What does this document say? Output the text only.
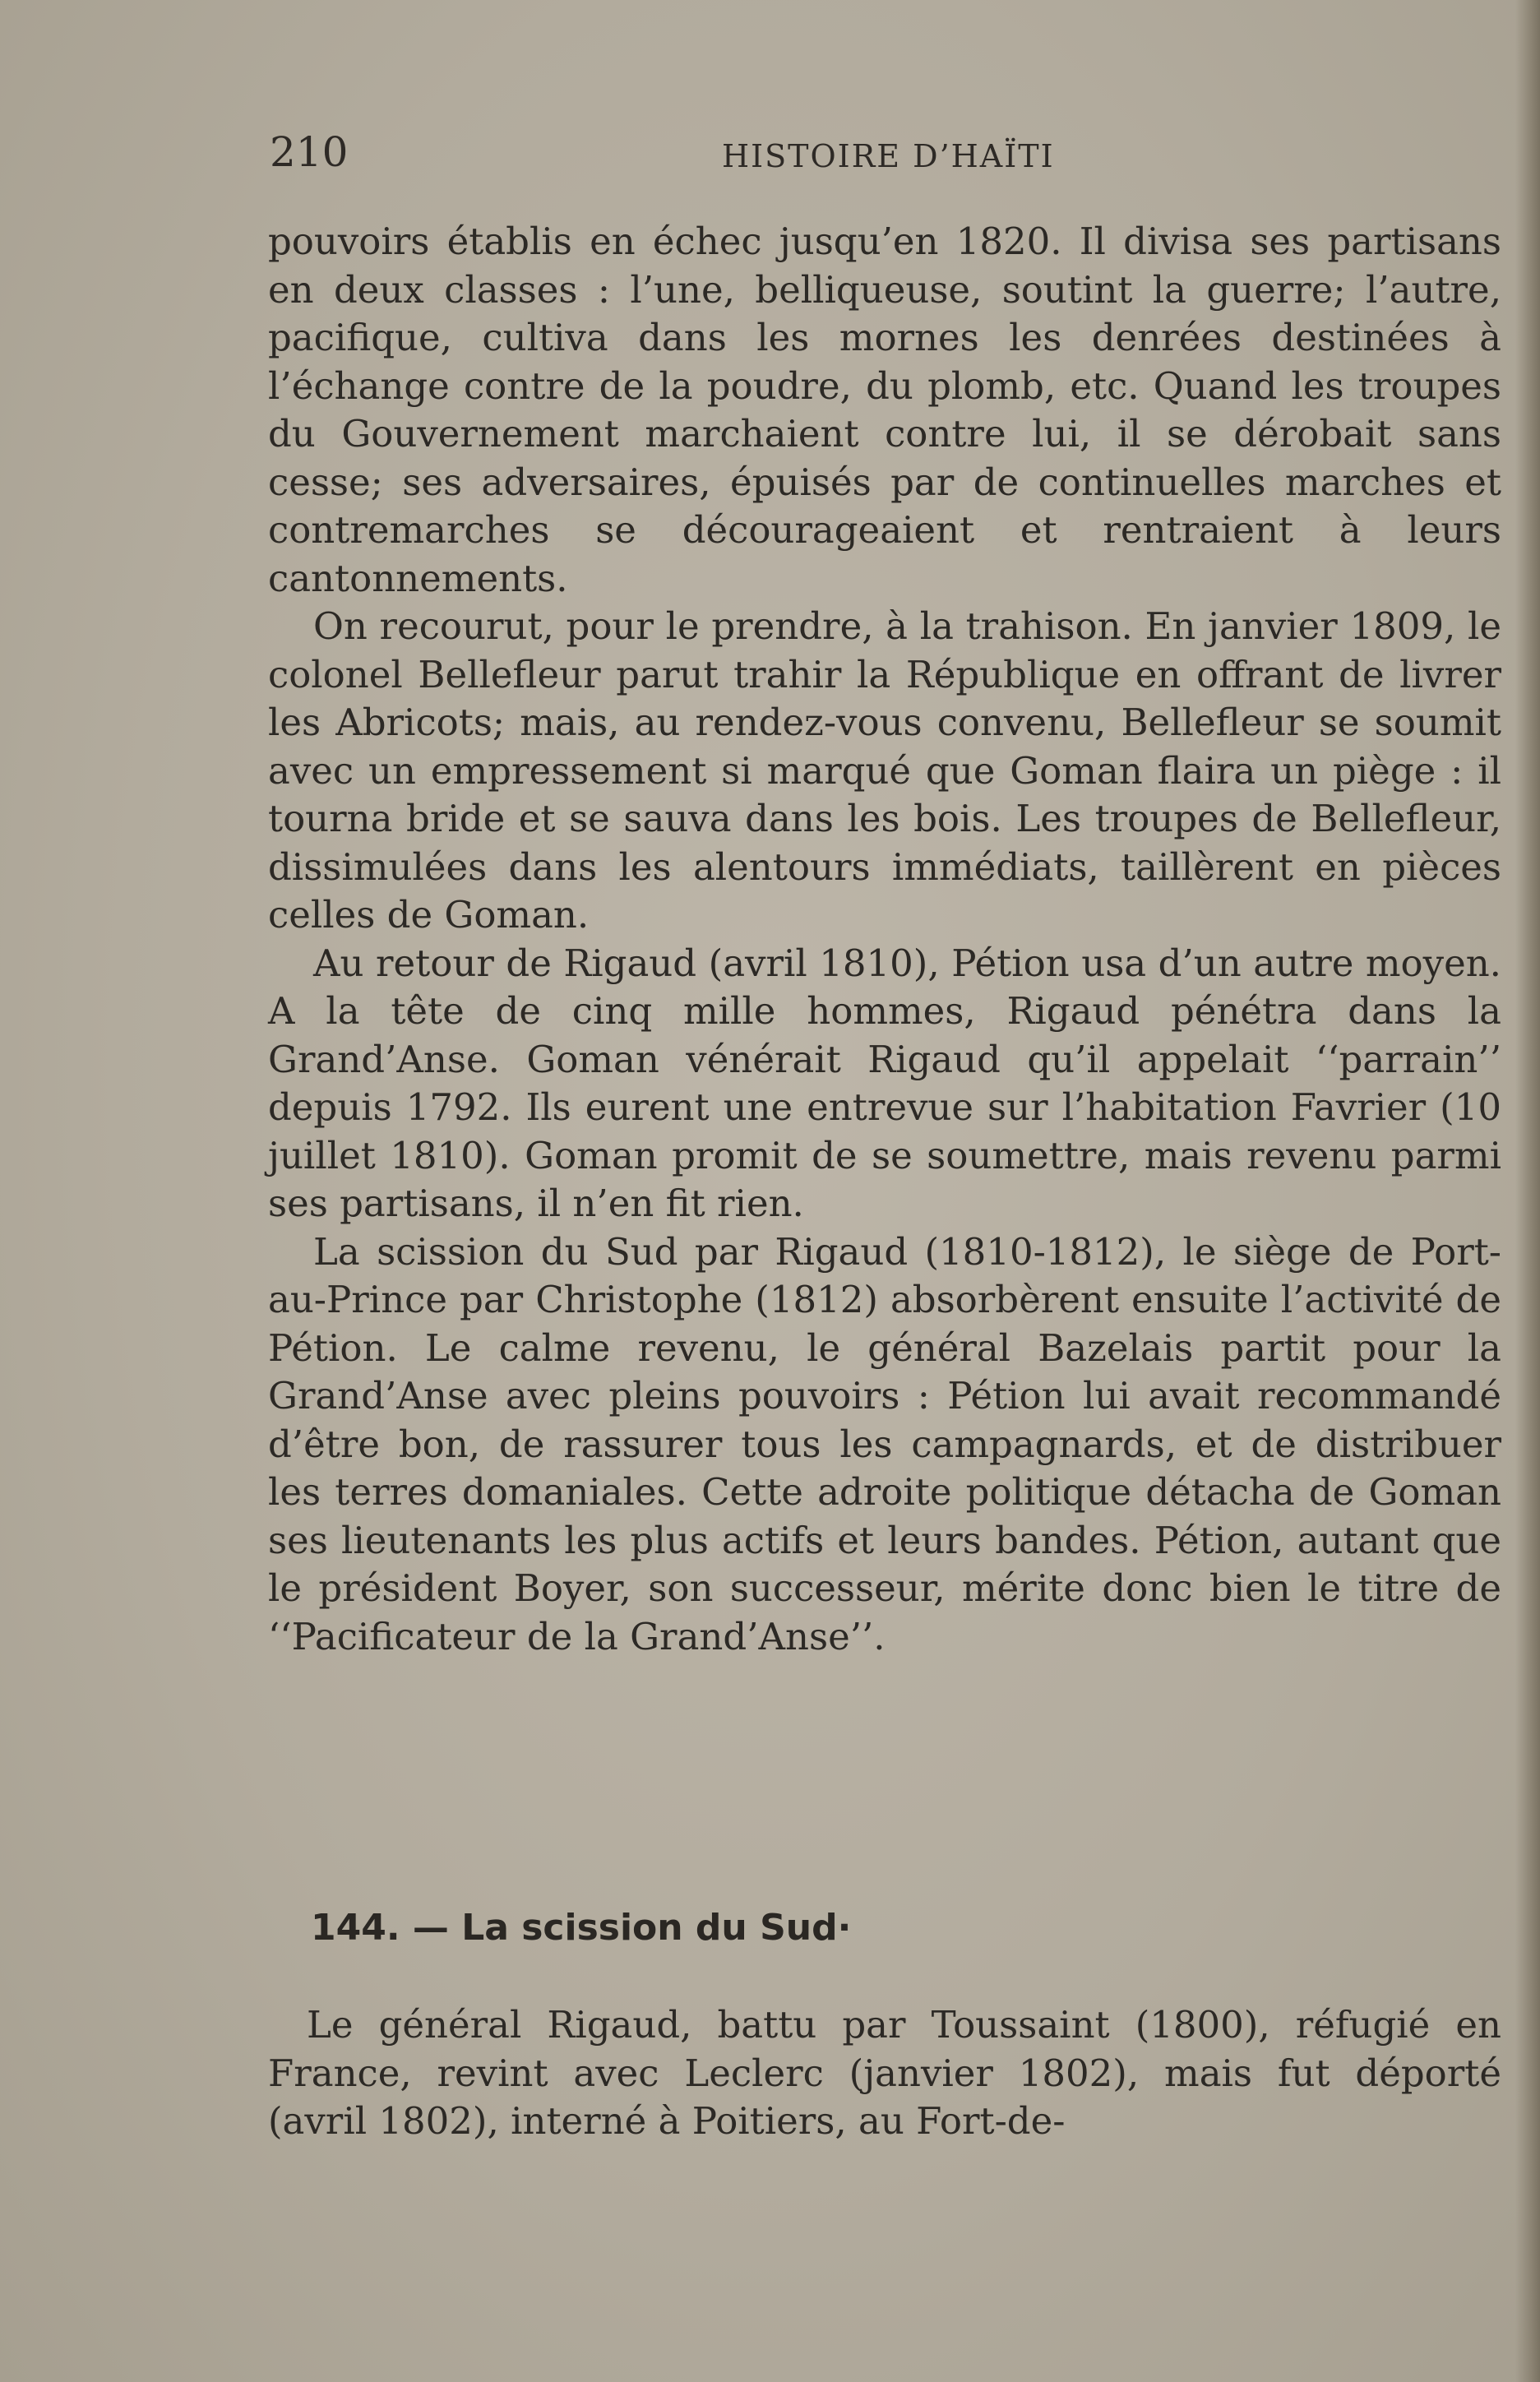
210	HISTOIRE D’HAÏTI

pouvoirs établis en échec jusqu’en 1820. Il divisa ses partisans en deux classes : l’une, belliqueuse, soutint la guerre; l’autre, pacifique, cultiva dans les mornes les denrées destinées à l’échange contre de la poudre, du plomb, etc. Quand les troupes du Gouvernement marchaient contre lui, il se dérobait sans cesse; ses adversaires, épuisés par de continuelles marches et contremarches se décourageaient et rentraient à leurs cantonnements.

On recourut, pour le prendre, à la trahison. En janvier 1809, le colonel Bellefleur parut trahir la République en offrant de livrer les Abricots; mais, au rendez-vous convenu, Bellefleur se soumit avec un empressement si marqué que Goman flaira un piège : il tourna bride et se sauva dans les bois. Les troupes de Bellefleur, dissimulées dans les alentours immédiats, taillèrent en pièces celles de Goman.

Au retour de Rigaud (avril 1810), Pétion usa d’un autre moyen. A la tête de cinq mille hommes, Rigaud pénétra dans la Grand’Anse. Goman vénérait Rigaud qu’il appelait ‘‘parrain’’ depuis 1792. Ils eurent une entrevue sur l’habitation Favrier (10 juillet 1810). Goman promit de se soumettre, mais revenu parmi ses partisans, il n’en fit rien.

La scission du Sud par Rigaud (1810-1812), le siège de Port-au-Prince par Christophe (1812) absorbèrent ensuite l’activité de Pétion. Le calme revenu, le général Bazelais partit pour la Grand’Anse avec pleins pouvoirs : Pétion lui avait recommandé d’être bon, de rassurer tous les campagnards, et de distribuer les terres domaniales. Cette adroite politique détacha de Goman ses lieutenants les plus actifs et leurs bandes. Pétion, autant que le président Boyer, son successeur, mérite donc bien le titre de ‘‘Pacificateur de la Grand’Anse’’.

144. — La scission du Sud·

Le général Rigaud, battu par Toussaint (1800), réfugié en France, revint avec Leclerc (janvier 1802), mais fut déporté (avril 1802), interné à Poitiers, au Fort-de-
